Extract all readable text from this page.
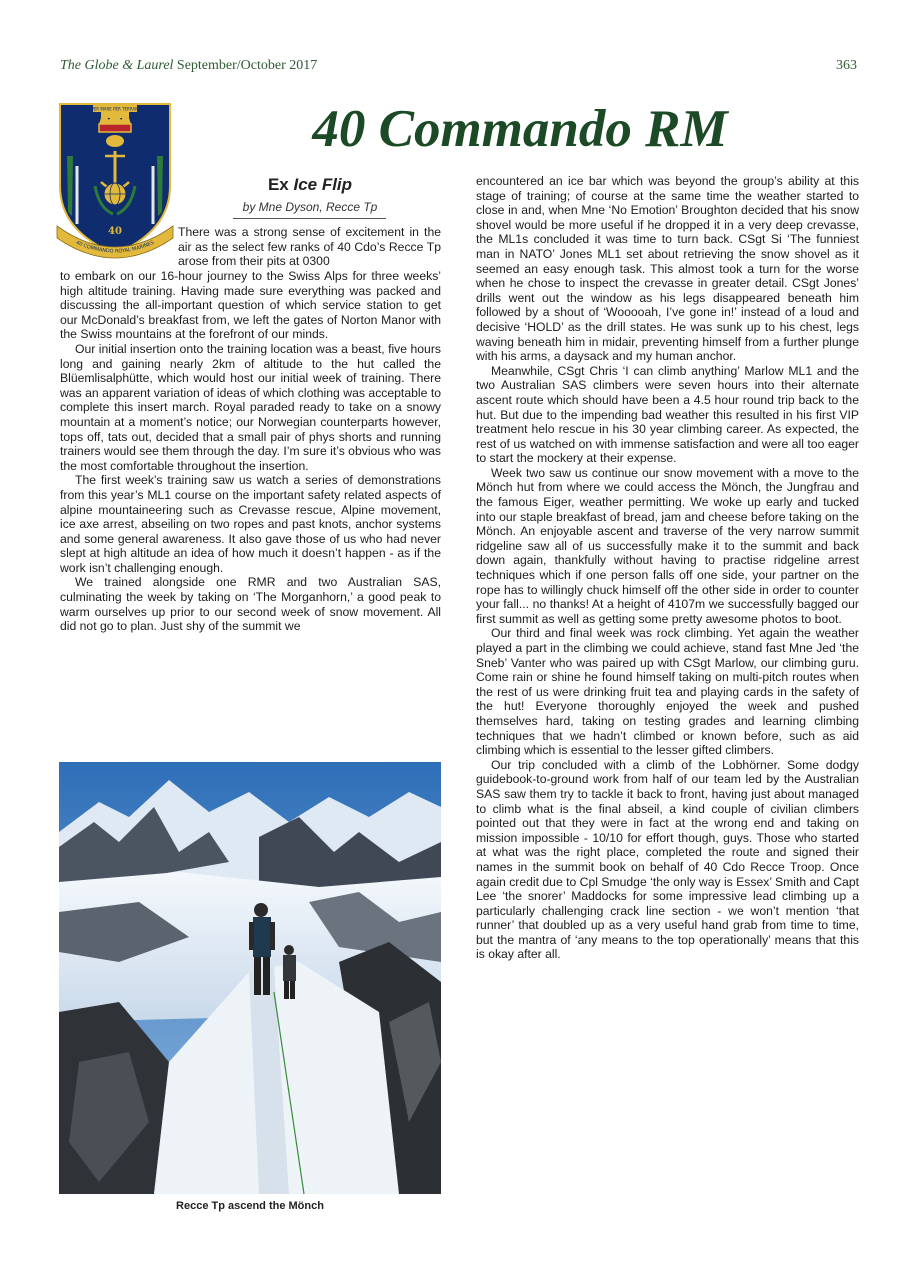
The Globe & Laurel September/October 2017	363
PER MARE PER TERRAM
40
40 COMMANDO ROYAL MARINES
40 Commando RM
Ex Ice Flip
by Mne Dyson, Recce Tp

There was a strong sense of excitement in the air as the select few ranks of 40 Cdo’s Recce Tp arose from their pits at 0300

to embark on our 16-hour journey to the Swiss Alps for three weeks’ high altitude training. Having made sure everything was packed and discussing the all-important question of which service station to get our McDonald’s breakfast from, we left the gates of Norton Manor with the Swiss mountains at the forefront of our minds.

Our initial insertion onto the training location was a beast, five hours long and gaining nearly 2km of altitude to the hut called the Blüemlisalphütte, which would host our initial week of training. There was an apparent variation of ideas of which clothing was acceptable to complete this insert march. Royal paraded ready to take on a snowy mountain at a moment’s notice; our Norwegian counterparts however, tops off, tats out, decided that a small pair of phys shorts and running trainers would see them through the day. I’m sure it’s obvious who was the most comfortable throughout the insertion.

The first week’s training saw us watch a series of demonstrations from this year’s ML1 course on the important safety related aspects of alpine mountaineering such as Crevasse rescue, Alpine movement, ice axe arrest, abseiling on two ropes and past knots, anchor systems and some general awareness. It also gave those of us who had never slept at high altitude an idea of how much it doesn’t happen - as if the work isn’t challenging enough.

We trained alongside one RMR and two Australian SAS, culminating the week by taking on ‘The Morganhorn,’ a good peak to warm ourselves up prior to our second week of snow movement. All did not go to plan. Just shy of the summit we

Recce Tp ascend the Mönch

encountered an ice bar which was beyond the group’s ability at this stage of training; of course at the same time the weather started to close in and, when Mne ‘No Emotion’ Broughton decided that his snow shovel would be more useful if he dropped it in a very deep crevasse, the ML1s concluded it was time to turn back. CSgt Si ‘The funniest man in NATO’ Jones ML1 set about retrieving the snow shovel as it seemed an easy enough task. This almost took a turn for the worse when he chose to inspect the crevasse in greater detail. CSgt Jones’ drills went out the window as his legs disappeared beneath him followed by a shout of ‘Wooooah, I’ve gone in!’ instead of a loud and decisive ‘HOLD’ as the drill states. He was sunk up to his chest, legs waving beneath him in midair, preventing himself from a further plunge with his arms, a daysack and my human anchor.

Meanwhile, CSgt Chris ‘I can climb anything’ Marlow ML1 and the two Australian SAS climbers were seven hours into their alternate ascent route which should have been a 4.5 hour round trip back to the hut. But due to the impending bad weather this resulted in his first VIP treatment helo rescue in his 30 year climbing career. As expected, the rest of us watched on with immense satisfaction and were all too eager to start the mockery at their expense.

Week two saw us continue our snow movement with a move to the Mönch hut from where we could access the Mönch, the Jungfrau and the famous Eiger, weather permitting. We woke up early and tucked into our staple breakfast of bread, jam and cheese before taking on the Mönch. An enjoyable ascent and traverse of the very narrow summit ridgeline saw all of us successfully make it to the summit and back down again, thankfully without having to practise ridgeline arrest techniques which if one person falls off one side, your partner on the rope has to willingly chuck himself off the other side in order to counter your fall... no thanks! At a height of 4107m we successfully bagged our first summit as well as getting some pretty awesome photos to boot.

Our third and final week was rock climbing. Yet again the weather played a part in the climbing we could achieve, stand fast Mne Jed ‘the Sneb’ Vanter who was paired up with CSgt Marlow, our climbing guru. Come rain or shine he found himself taking on multi-pitch routes when the rest of us were drinking fruit tea and playing cards in the safety of the hut! Everyone thoroughly enjoyed the week and pushed themselves hard, taking on testing grades and learning climbing techniques that we hadn’t climbed or known before, such as aid climbing which is essential to the lesser gifted climbers.

Our trip concluded with a climb of the Lobhörner. Some dodgy guidebook-to-ground work from half of our team led by the Australian SAS saw them try to tackle it back to front, having just about managed to climb what is the final abseil, a kind couple of civilian climbers pointed out that they were in fact at the wrong end and taking on mission impossible - 10/10 for effort though, guys. Those who started at what was the right place, completed the route and signed their names in the summit book on behalf of 40 Cdo Recce Troop. Once again credit due to Cpl Smudge ‘the only way is Essex’ Smith and Capt Lee ‘the snorer’ Maddocks for some impressive lead climbing up a particularly challenging crack line section - we won’t mention ‘that runner’ that doubled up as a very useful hand grab from time to time, but the mantra of ‘any means to the top operationally’ means that this is okay after all.
